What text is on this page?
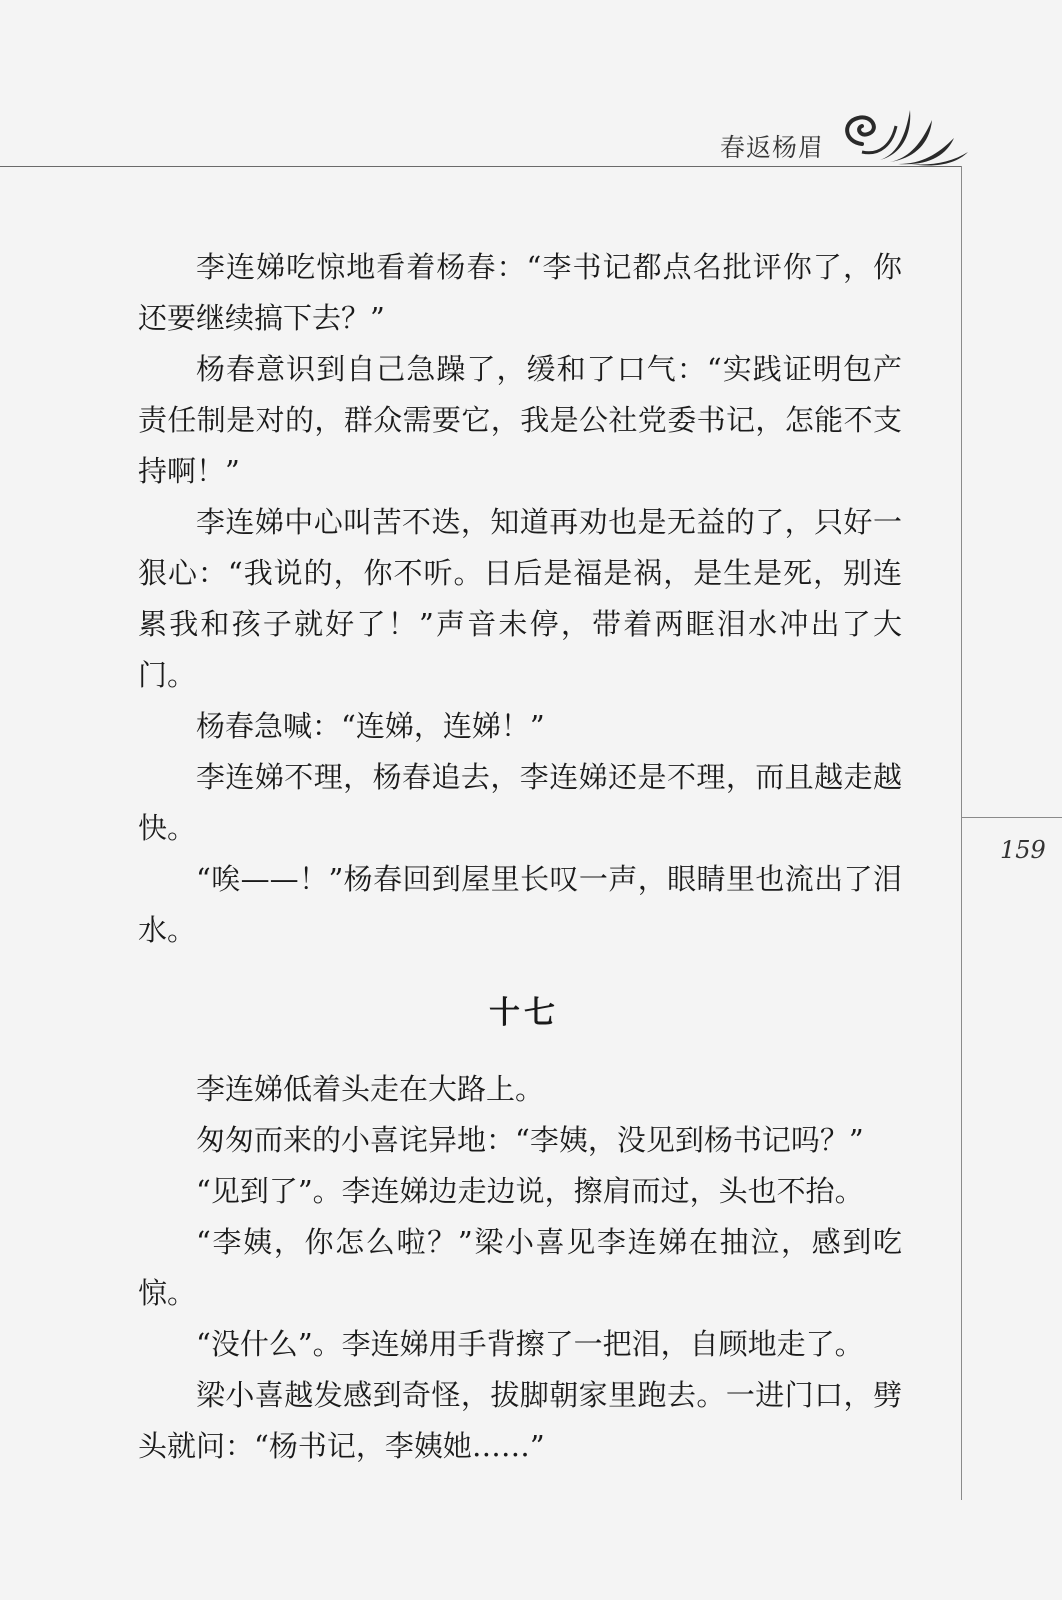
春返杨眉
159

李连娣吃惊地看着杨春：“李书记都点名批评你了，你还要继续搞下去？”

杨春意识到自己急躁了，缓和了口气：“实践证明包产责任制是对的，群众需要它，我是公社党委书记，怎能不支持啊！”

李连娣中心叫苦不迭，知道再劝也是无益的了，只好一狠心：“我说的，你不听。日后是福是祸，是生是死，别连累我和孩子就好了！”声音未停，带着两眶泪水冲出了大门。

杨春急喊：“连娣，连娣！”

李连娣不理，杨春追去，李连娣还是不理，而且越走越快。

“唉——！”杨春回到屋里长叹一声，眼睛里也流出了泪水。

十七

李连娣低着头走在大路上。

匆匆而来的小喜诧异地：“李姨，没见到杨书记吗？”

“见到了”。李连娣边走边说，擦肩而过，头也不抬。

“李姨，你怎么啦？”梁小喜见李连娣在抽泣，感到吃惊。

“没什么”。李连娣用手背擦了一把泪，自顾地走了。

梁小喜越发感到奇怪，拔脚朝家里跑去。一进门口，劈头就问：“杨书记，李姨她……”
